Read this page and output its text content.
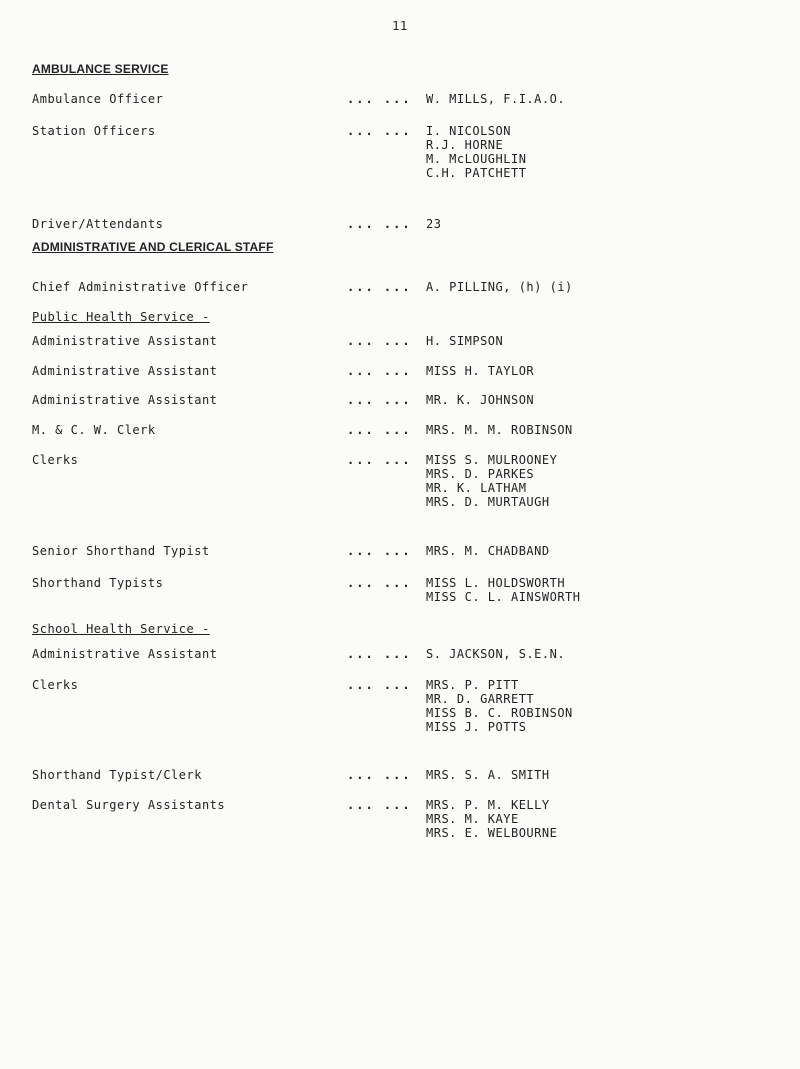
11
AMBULANCE SERVICE
Ambulance Officer	... ... W. MILLS, F.I.A.O.
Station Officers	... ... I. NICOLSON
R.J. HORNE
M. McLOUGHLIN
C.H. PATCHETT
Driver/Attendants	... ... 23
ADMINISTRATIVE AND CLERICAL STAFF
Chief Administrative Officer	... ... A. PILLING, (h) (i)
Public Health Service -
Administrative Assistant	... ... H. SIMPSON
Administrative Assistant	... ... MISS H. TAYLOR
Administrative Assistant	... ... MR. K. JOHNSON
M. & C. W. Clerk	... ... MRS. M. M. ROBINSON
Clerks	... ... MISS S. MULROONEY
MRS. D. PARKES
MR. K. LATHAM
MRS. D. MURTAUGH
Senior Shorthand Typist	... ... MRS. M. CHADBAND
Shorthand Typists	... ... MISS L. HOLDSWORTH
MISS C. L. AINSWORTH
School Health Service -
Administrative Assistant	... ... S. JACKSON, S.E.N.
Clerks	... ... MRS. P. PITT
MR. D. GARRETT
MISS B. C. ROBINSON
MISS J. POTTS
Shorthand Typist/Clerk	... ... MRS. S. A. SMITH
Dental Surgery Assistants	... ... MRS. P. M. KELLY
MRS. M. KAYE
MRS. E. WELBOURNE
